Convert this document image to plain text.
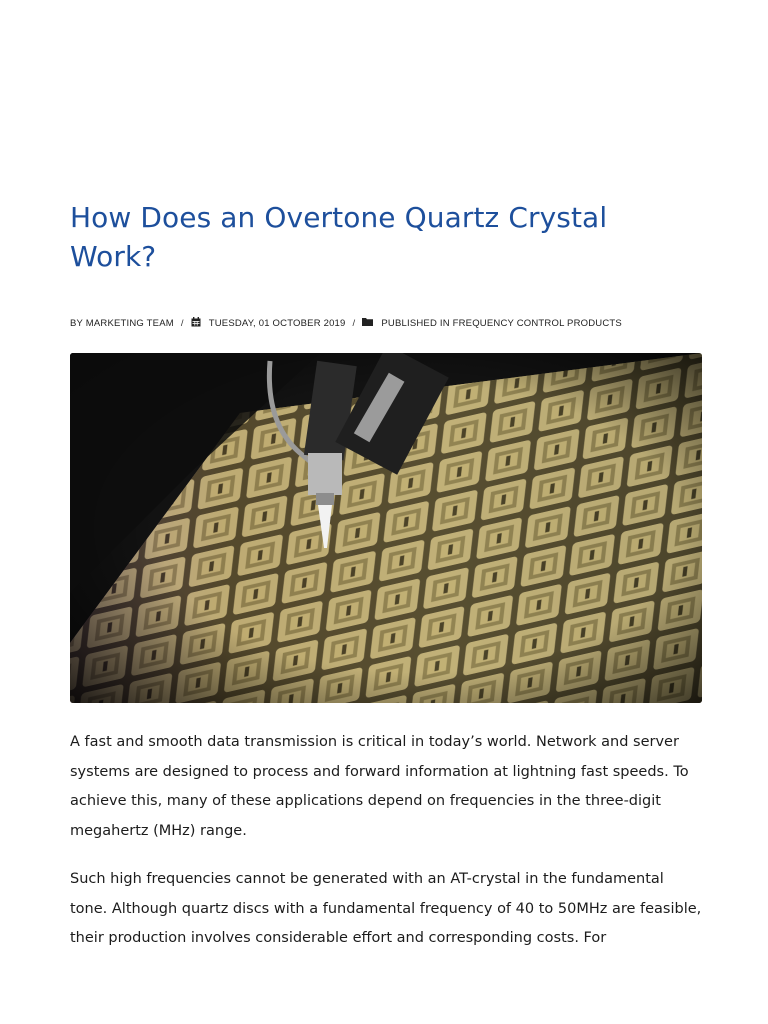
How Does an Overtone Quartz Crystal Work?
BY MARKETING TEAM /	TUESDAY, 01 OCTOBER 2019 /	PUBLISHED IN FREQUENCY CONTROL PRODUCTS

A fast and smooth data transmission is critical in today’s world. Network and server systems are designed to process and forward information at lightning fast speeds. To achieve this, many of these applications depend on frequencies in the three-digit megahertz (MHz) range.

Such high frequencies cannot be generated with an AT-crystal in the fundamental tone. Although quartz discs with a fundamental frequency of 40 to 50MHz are feasible, their production involves considerable effort and corresponding costs. For
